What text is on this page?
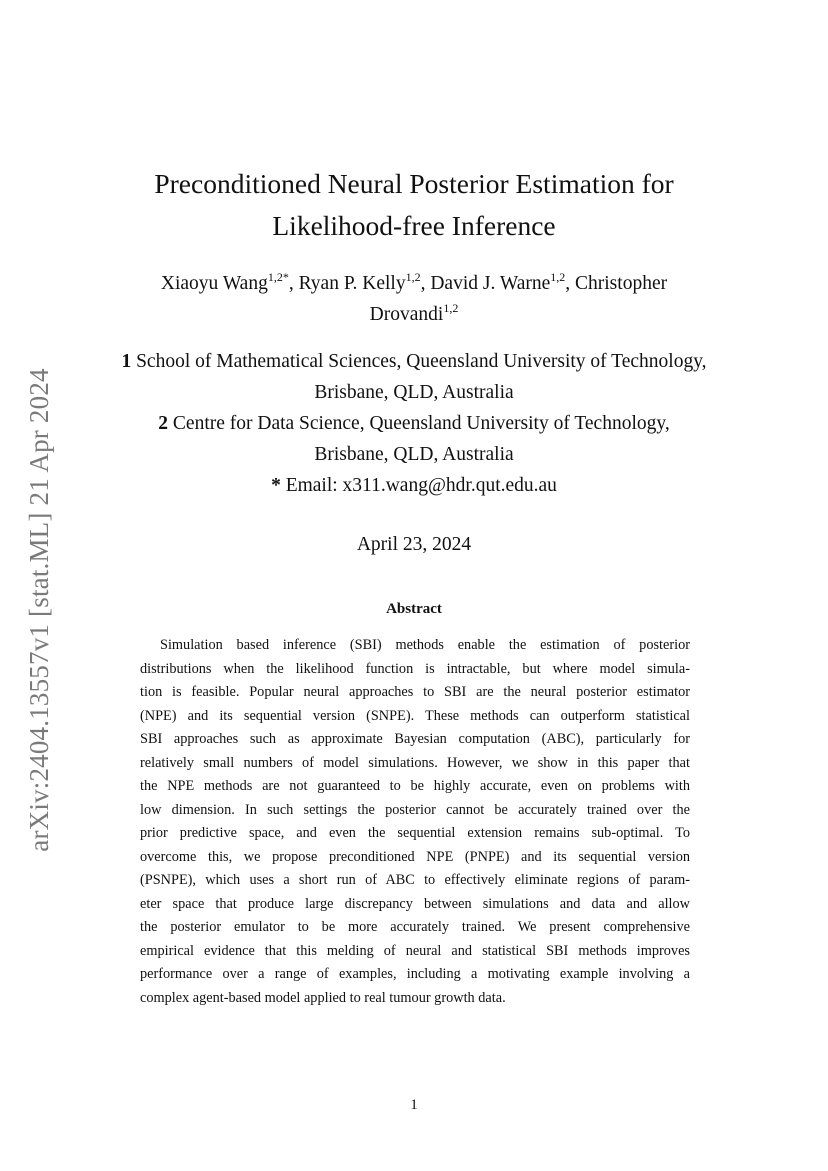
arXiv:2404.13557v1 [stat.ML] 21 Apr 2024
Preconditioned Neural Posterior Estimation for
Likelihood-free Inference
Xiaoyu Wang$^{1,2*}$, Ryan P. Kelly$^{1,2}$, David J. Warne$^{1,2}$, Christopher
Drovandi$^{1,2}$
1 School of Mathematical Sciences, Queensland University of Technology,
Brisbane, QLD, Australia
2 Centre for Data Science, Queensland University of Technology,
Brisbane, QLD, Australia
* Email: x311.wang@hdr.qut.edu.au
April 23, 2024
Abstract

Simulation based inference (SBI) methods enable the estimation of posterior
distributions when the likelihood function is intractable, but where model simula-
tion is feasible. Popular neural approaches to SBI are the neural posterior estimator
(NPE) and its sequential version (SNPE). These methods can outperform statistical
SBI approaches such as approximate Bayesian computation (ABC), particularly for
relatively small numbers of model simulations. However, we show in this paper that
the NPE methods are not guaranteed to be highly accurate, even on problems with
low dimension. In such settings the posterior cannot be accurately trained over the
prior predictive space, and even the sequential extension remains sub-optimal. To
overcome this, we propose preconditioned NPE (PNPE) and its sequential version
(PSNPE), which uses a short run of ABC to effectively eliminate regions of param-
eter space that produce large discrepancy between simulations and data and allow
the posterior emulator to be more accurately trained. We present comprehensive
empirical evidence that this melding of neural and statistical SBI methods improves
performance over a range of examples, including a motivating example involving a
complex agent-based model applied to real tumour growth data.

1
